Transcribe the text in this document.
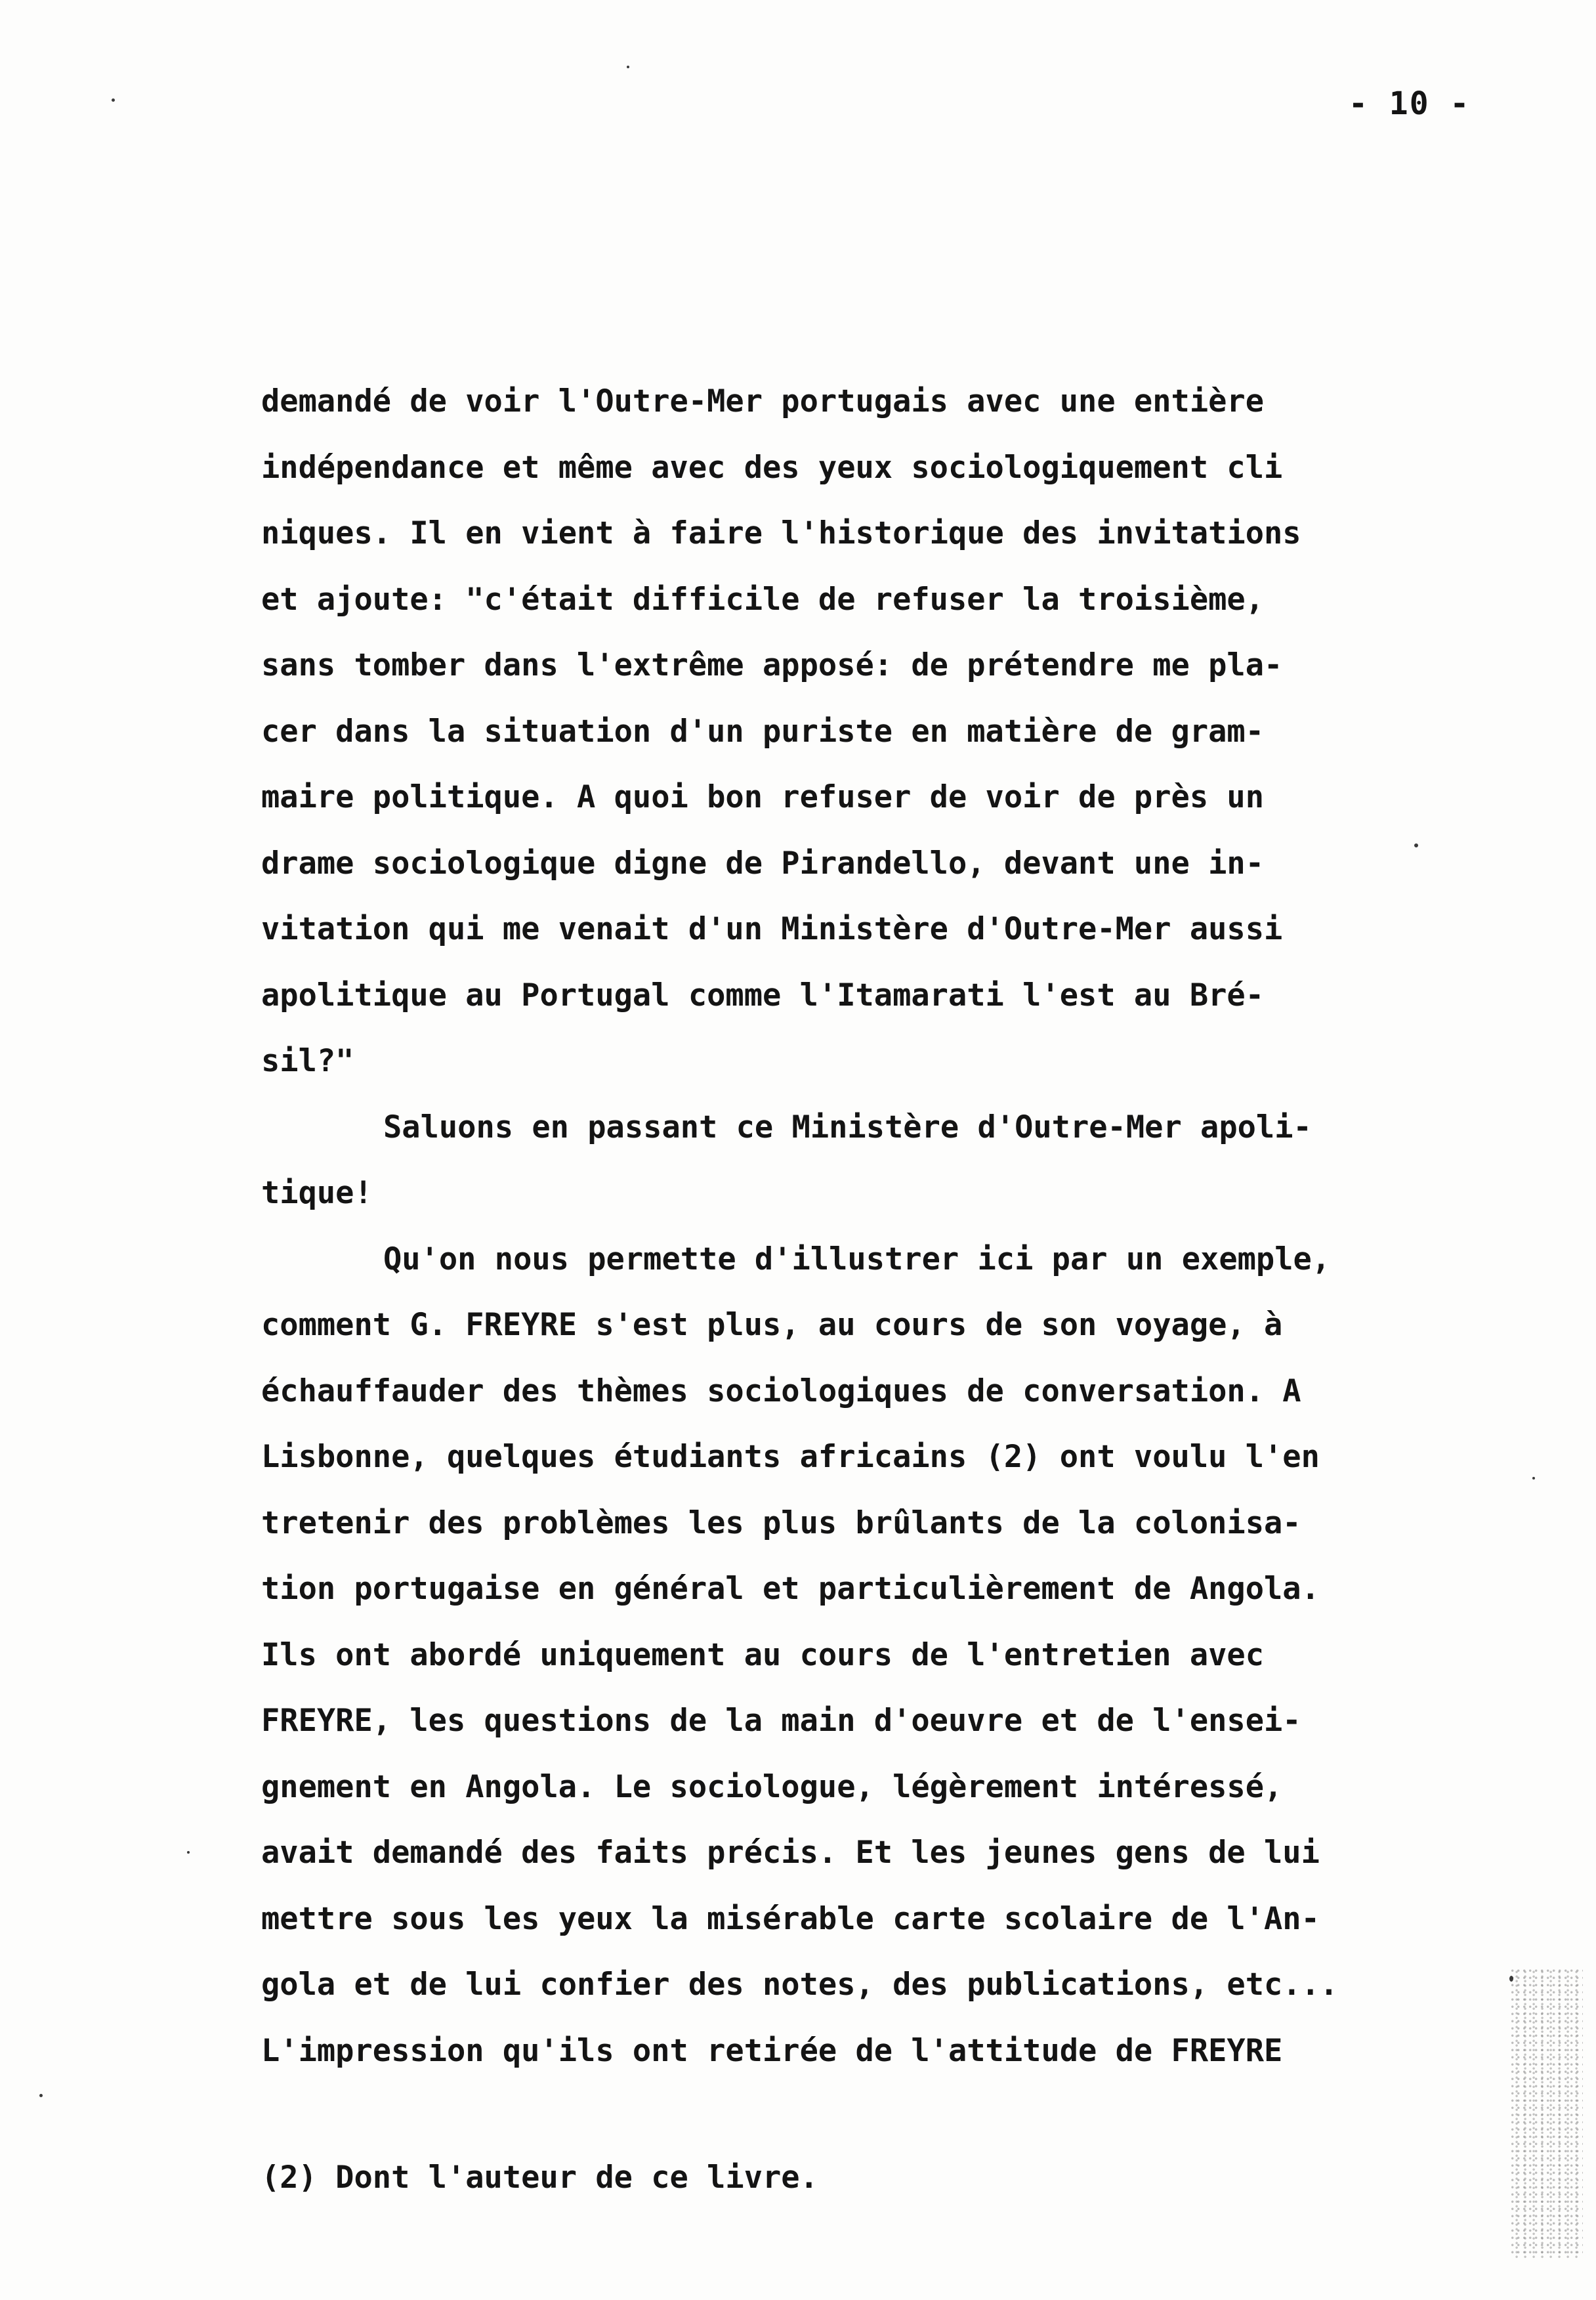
- 10 -
demandé de voir l'Outre-Mer portugais avec une entière
indépendance et même avec des yeux sociologiquement cli
niques. Il en vient à faire l'historique des invitations
et ajoute: "c'était difficile de refuser la troisième,
sans tomber dans l'extrême apposé: de prétendre me pla-
cer dans la situation d'un puriste en matière de gram-
maire politique. A quoi bon refuser de voir de près un
drame sociologique digne de Pirandello, devant une in-
vitation qui me venait d'un Ministère d'Outre-Mer aussi
apolitique au Portugal comme l'Itamarati l'est au Bré-
sil?"
Saluons en passant ce Ministère d'Outre-Mer apoli-
tique!
Qu'on nous permette d'illustrer ici par un exemple,
comment G. FREYRE s'est plus, au cours de son voyage, à
échauffauder des thèmes sociologiques de conversation. A
Lisbonne, quelques étudiants africains (2) ont voulu l'en
tretenir des problèmes les plus brûlants de la colonisa-
tion portugaise en général et particulièrement de Angola.
Ils ont abordé uniquement au cours de l'entretien avec
FREYRE, les questions de la main d'oeuvre et de l'ensei-
gnement en Angola. Le sociologue, légèrement intéressé,
avait demandé des faits précis. Et les jeunes gens de lui
mettre sous les yeux la misérable carte scolaire de l'An-
gola et de lui confier des notes, des publications, etc...
L'impression qu'ils ont retirée de l'attitude de FREYRE
(2) Dont l'auteur de ce livre.
